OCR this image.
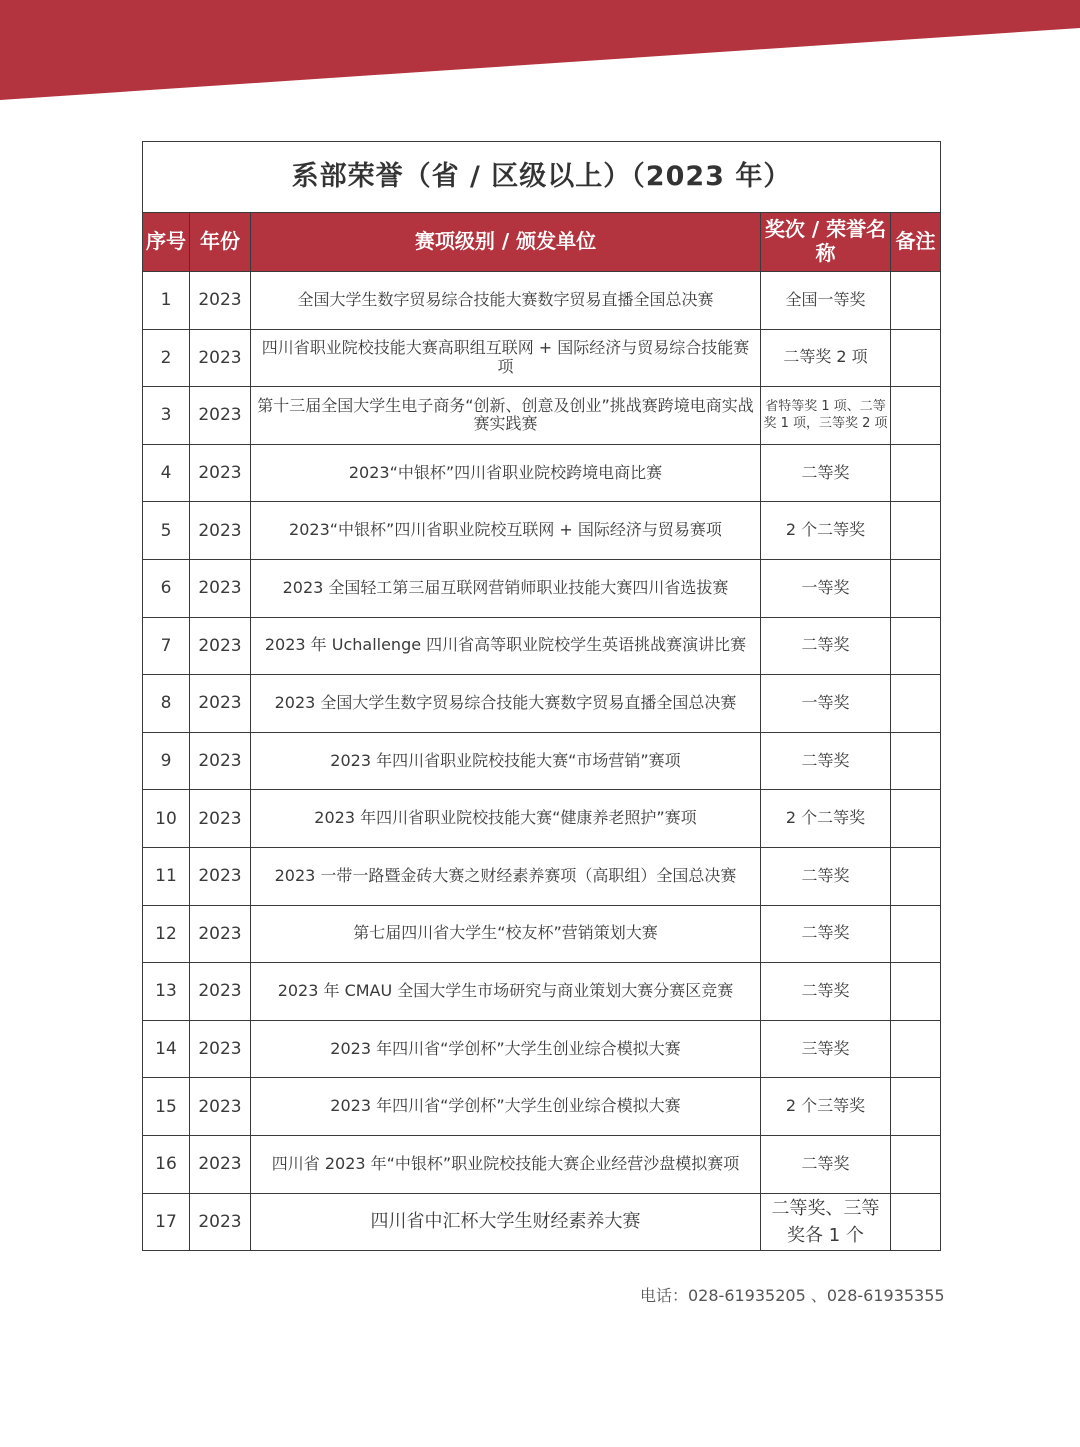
系部荣誉（省 / 区级以上）（2023 年）				
序号	年份	赛项级别 / 颁发单位	奖次 / 荣誉名称	备注
1	2023	全国大学生数字贸易综合技能大赛数字贸易直播全国总决赛	全国一等奖	
2	2023	四川省职业院校技能大赛高职组互联网 + 国际经济与贸易综合技能赛项	二等奖 2 项	
3	2023	第十三届全国大学生电子商务“创新、创意及创业”挑战赛跨境电商实战赛实践赛	省特等奖 1 项、二等奖 1 项，三等奖 2 项	
4	2023	2023“中银杯”四川省职业院校跨境电商比赛	二等奖	
5	2023	2023“中银杯”四川省职业院校互联网 + 国际经济与贸易赛项	2 个二等奖	
6	2023	2023 全国轻工第三届互联网营销师职业技能大赛四川省选拔赛	一等奖	
7	2023	2023 年 Uchallenge 四川省高等职业院校学生英语挑战赛演讲比赛	二等奖	
8	2023	2023 全国大学生数字贸易综合技能大赛数字贸易直播全国总决赛	一等奖	
9	2023	2023 年四川省职业院校技能大赛“市场营销”赛项	二等奖	
10	2023	2023 年四川省职业院校技能大赛“健康养老照护”赛项	2 个二等奖	
11	2023	2023 一带一路暨金砖大赛之财经素养赛项（高职组）全国总决赛	二等奖	
12	2023	第七届四川省大学生“校友杯”营销策划大赛	二等奖	
13	2023	2023 年 CMAU 全国大学生市场研究与商业策划大赛分赛区竞赛	二等奖	
14	2023	2023 年四川省“学创杯”大学生创业综合模拟大赛	三等奖	
15	2023	2023 年四川省“学创杯”大学生创业综合模拟大赛	2 个三等奖	
16	2023	四川省 2023 年“中银杯”职业院校技能大赛企业经营沙盘模拟赛项	二等奖	
17	2023	四川省中汇杯大学生财经素养大赛	二等奖、三等奖各 1 个	
电话：028-61935205 、028-61935355
